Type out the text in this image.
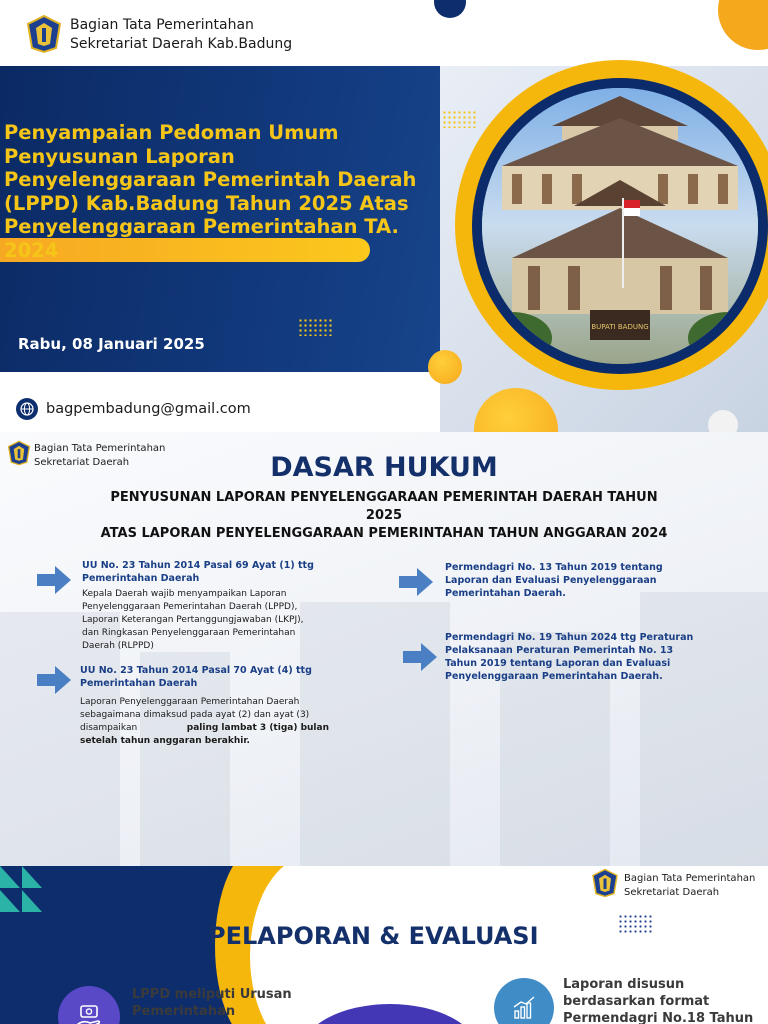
Bagian Tata Pemerintahan
Sekretariat Daerah Kab.Badung
BUPATI BADUNG
Penyampaian Pedoman Umum
Penyusunan Laporan
Penyelenggaraan Pemerintah Daerah
(LPPD) Kab.Badung Tahun 2025 Atas
Penyelenggaraan Pemerintahan TA.
2024
Rabu, 08 Januari 2025
bagpembadung@gmail.com
Bagian Tata Pemerintahan
Sekretariat Daerah	DASAR HUKUM
PENYUSUNAN LAPORAN PENYELENGGARAAN PEMERINTAH DAERAH TAHUN
2025
ATAS LAPORAN PENYELENGGARAAN PEMERINTAHAN TAHUN ANGGARAN 2024
UU No. 23 Tahun 2014 Pasal 69 Ayat (1) ttg
Pemerintahan Daerah
Kepala Daerah wajib menyampaikan Laporan
Penyelenggaraan Pemerintahan Daerah (LPPD),
Laporan Keterangan Pertanggungjawaban (LKPJ),
dan Ringkasan Penyelenggaraan Pemerintahan
Daerah (RLPPD)
UU No. 23 Tahun 2014 Pasal 70 Ayat (4) ttg
Pemerintahan Daerah
Laporan Penyelenggaraan Pemerintahan Daerah
sebagaimana dimaksud pada ayat (2) dan ayat (3)
disampaikan	paling lambat 3 (tiga) bulan
setelah tahun anggaran berakhir.
Permendagri No. 13 Tahun 2019 tentang
Laporan dan Evaluasi Penyelenggaraan
Pemerintahan Daerah.
Permendagri No. 19 Tahun 2024 ttg Peraturan
Pelaksanaan Peraturan Pemerintah No. 13
Tahun 2019 tentang Laporan dan Evaluasi
Penyelenggaraan Pemerintahan Daerah.
Bagian Tata Pemerintahan
Sekretariat Daerah
PELAPORAN & EVALUASI
LPPD meliputi Urusan
Pemerintahan
Laporan disusun
berdasarkan format
Permendagri No.18 Tahun
